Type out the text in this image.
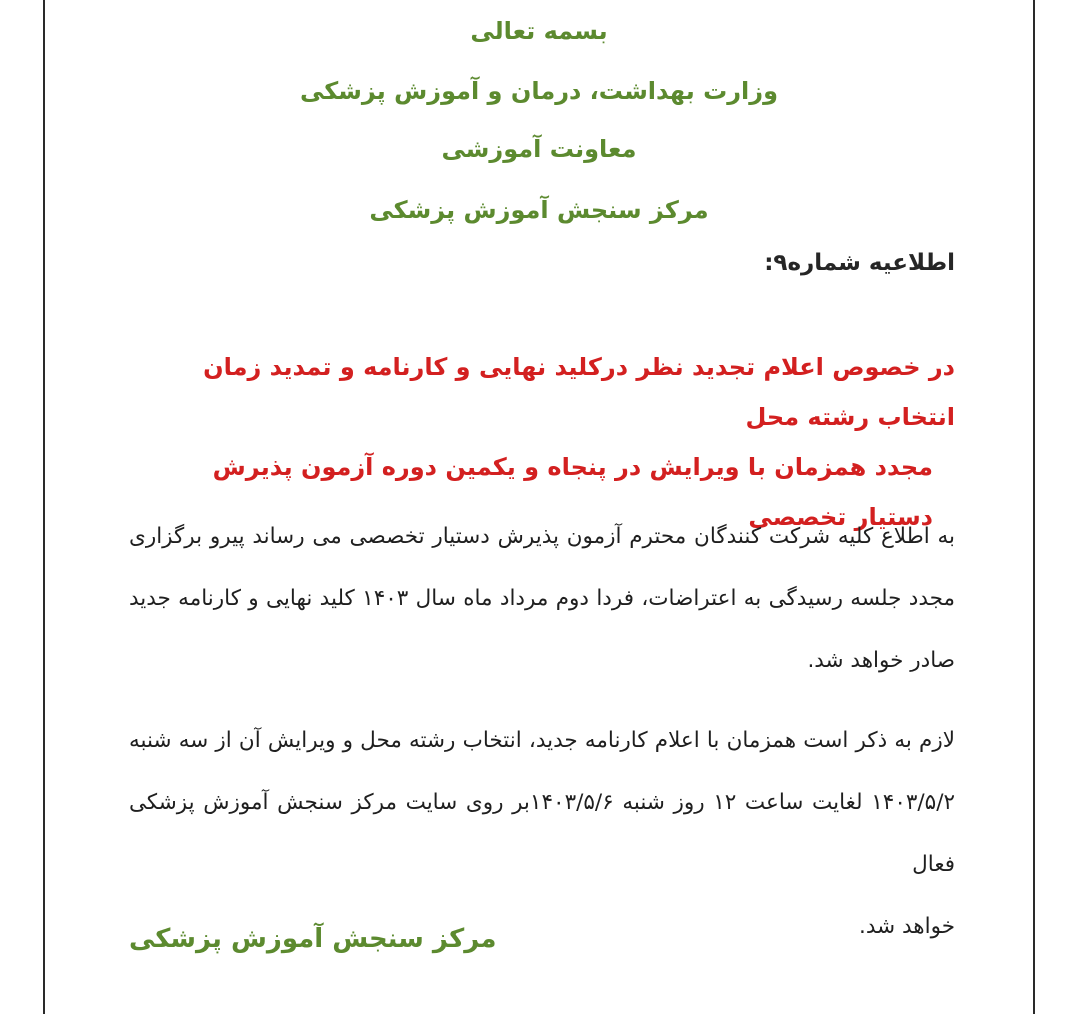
بسمه تعالی

وزارت بهداشت، درمان و آموزش پزشکی

معاونت آموزشی

مرکز سنجش آموزش پزشکی

اطلاعیه شماره۹:

در خصوص اعلام تجدید نظر درکلید نهایی و کارنامه و تمدید زمان انتخاب رشته محل
مجدد همزمان با ویرایش در پنجاه و یکمین دوره آزمون پذیرش دستیار تخصصی

به اطلاع کلیه شرکت کنندگان محترم آزمون پذیرش دستیار تخصصی می رساند پیرو برگزاری
مجدد جلسه رسیدگی به اعتراضات، فردا دوم مرداد ماه سال ۱۴۰۳ کلید نهایی و کارنامه جدید
صادر خواهد شد.

لازم به ذکر است همزمان با اعلام کارنامه جدید، انتخاب رشته محل و ویرایش آن از سه شنبه
۱۴۰۳/۵/۲ لغایت ساعت ۱۲ روز شنبه ۱۴۰۳/۵/۶بر روی سایت مرکز سنجش آموزش پزشکی فعال
خواهد شد.

مرکز سنجش آموزش پزشکی
